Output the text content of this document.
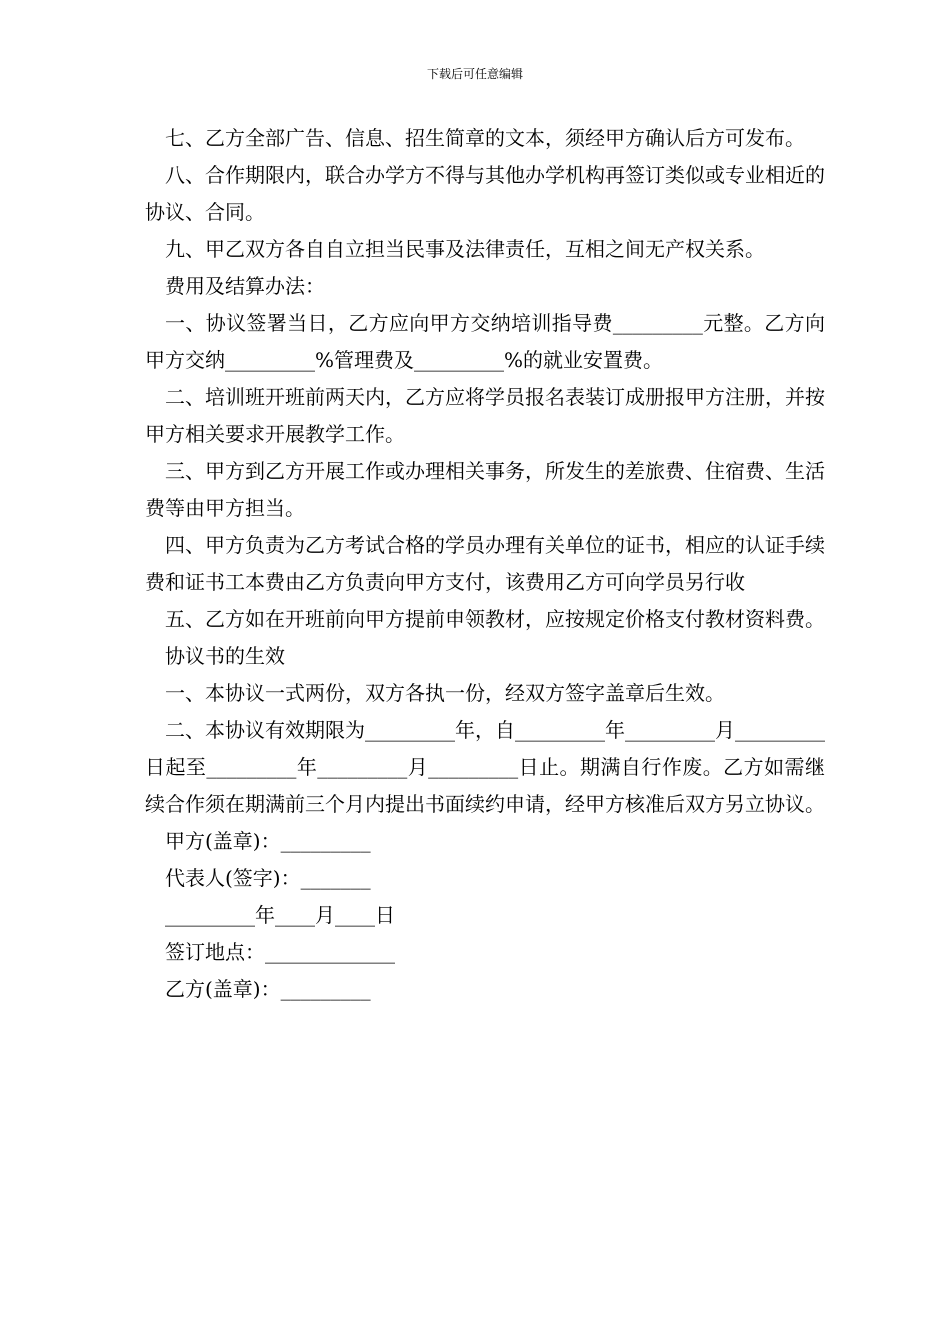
下载后可任意编辑

七、乙方全部广告、信息、招生简章的文本，须经甲方确认后方可发布。

八、合作期限内，联合办学方不得与其他办学机构再签订类似或专业相近的协议、合同。

九、甲乙双方各自自立担当民事及法律责任，互相之间无产权关系。

费用及结算办法：

一、协议签署当日，乙方应向甲方交纳培训指导费_________元整。乙方向甲方交纳_________%管理费及_________%的就业安置费。

二、培训班开班前两天内，乙方应将学员报名表装订成册报甲方注册，并按甲方相关要求开展教学工作。

三、甲方到乙方开展工作或办理相关事务，所发生的差旅费、住宿费、生活费等由甲方担当。

四、甲方负责为乙方考试合格的学员办理有关单位的证书，相应的认证手续费和证书工本费由乙方负责向甲方支付，该费用乙方可向学员另行收

五、乙方如在开班前向甲方提前申领教材，应按规定价格支付教材资料费。

协议书的生效

一、本协议一式两份，双方各执一份，经双方签字盖章后生效。

二、本协议有效期限为_________年，自_________年_________月_________日起至_________年_________月_________日止。期满自行作废。乙方如需继续合作须在期满前三个月内提出书面续约申请，经甲方核准后双方另立协议。

甲方(盖章)：_________

代表人(签字)：_______

_________年____月____日

签订地点：_____________

乙方(盖章)：_________
